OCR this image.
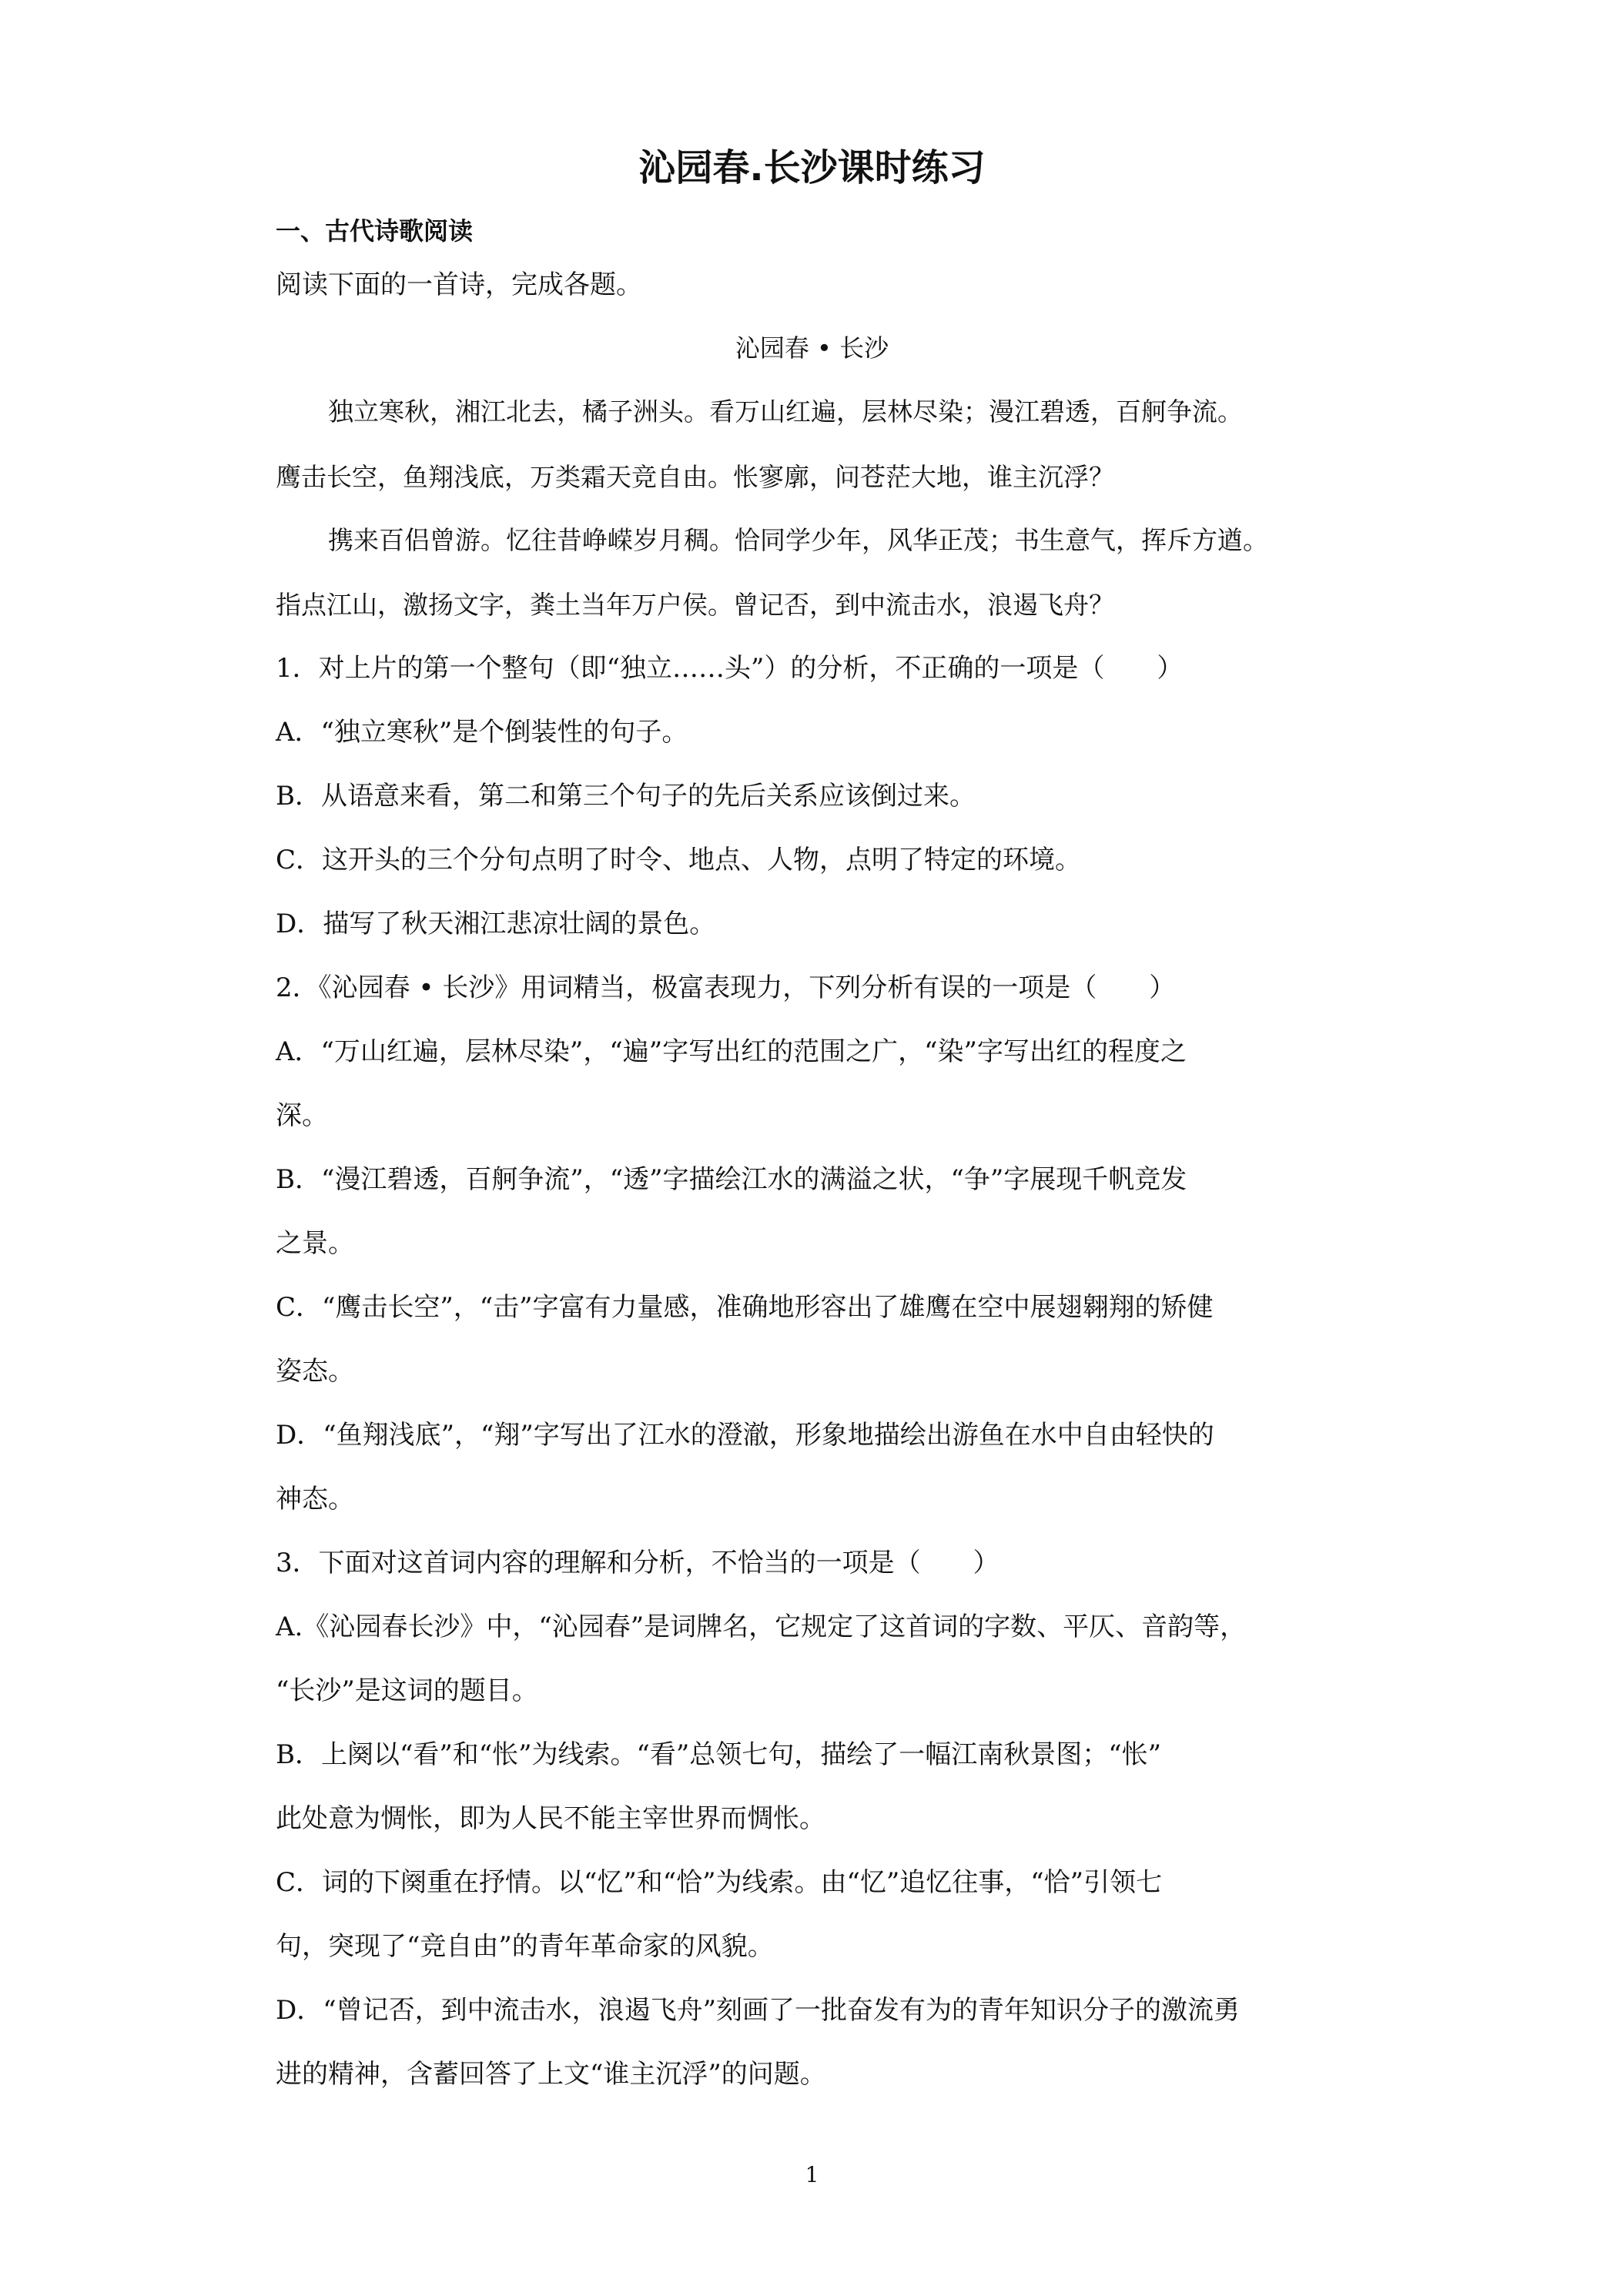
沁园春.长沙课时练习

一、古代诗歌阅读

阅读下面的一首诗，完成各题。

沁园春 • 长沙

独立寒秋，湘江北去，橘子洲头。看万山红遍，层林尽染；漫江碧透，百舸争流。

鹰击长空，鱼翔浅底，万类霜天竞自由。怅寥廓，问苍茫大地，谁主沉浮？

携来百侣曾游。忆往昔峥嵘岁月稠。恰同学少年，风华正茂；书生意气，挥斥方遒。

指点江山，激扬文字，粪土当年万户侯。曾记否，到中流击水，浪遏飞舟？

1．对上片的第一个整句（即“独立……头”）的分析，不正确的一项是（　　）

A．“独立寒秋”是个倒装性的句子。

B．从语意来看，第二和第三个句子的先后关系应该倒过来。

C．这开头的三个分句点明了时令、地点、人物，点明了特定的环境。

D．描写了秋天湘江悲凉壮阔的景色。

2．《沁园春 • 长沙》用词精当，极富表现力，下列分析有误的一项是（　　）

A．“万山红遍，层林尽染”，“遍”字写出红的范围之广，“染”字写出红的程度之

深。

B．“漫江碧透，百舸争流”，“透”字描绘江水的满溢之状，“争”字展现千帆竞发

之景。

C．“鹰击长空”，“击”字富有力量感，准确地形容出了雄鹰在空中展翅翱翔的矫健

姿态。

D．“鱼翔浅底”，“翔”字写出了江水的澄澈，形象地描绘出游鱼在水中自由轻快的

神态。

3．下面对这首词内容的理解和分析，不恰当的一项是（　　）

A.《沁园春长沙》中，“沁园春”是词牌名，它规定了这首词的字数、平仄、音韵等，

“长沙”是这词的题目。

B．上阕以“看”和“怅”为线索。“看”总领七句，描绘了一幅江南秋景图；“怅”

此处意为惆怅，即为人民不能主宰世界而惆怅。

C．词的下阕重在抒情。以“忆”和“恰”为线索。由“忆”追忆往事，“恰”引领七

句，突现了“竞自由”的青年革命家的风貌。

D．“曾记否，到中流击水，浪遏飞舟”刻画了一批奋发有为的青年知识分子的激流勇

进的精神，含蓄回答了上文“谁主沉浮”的问题。

1
